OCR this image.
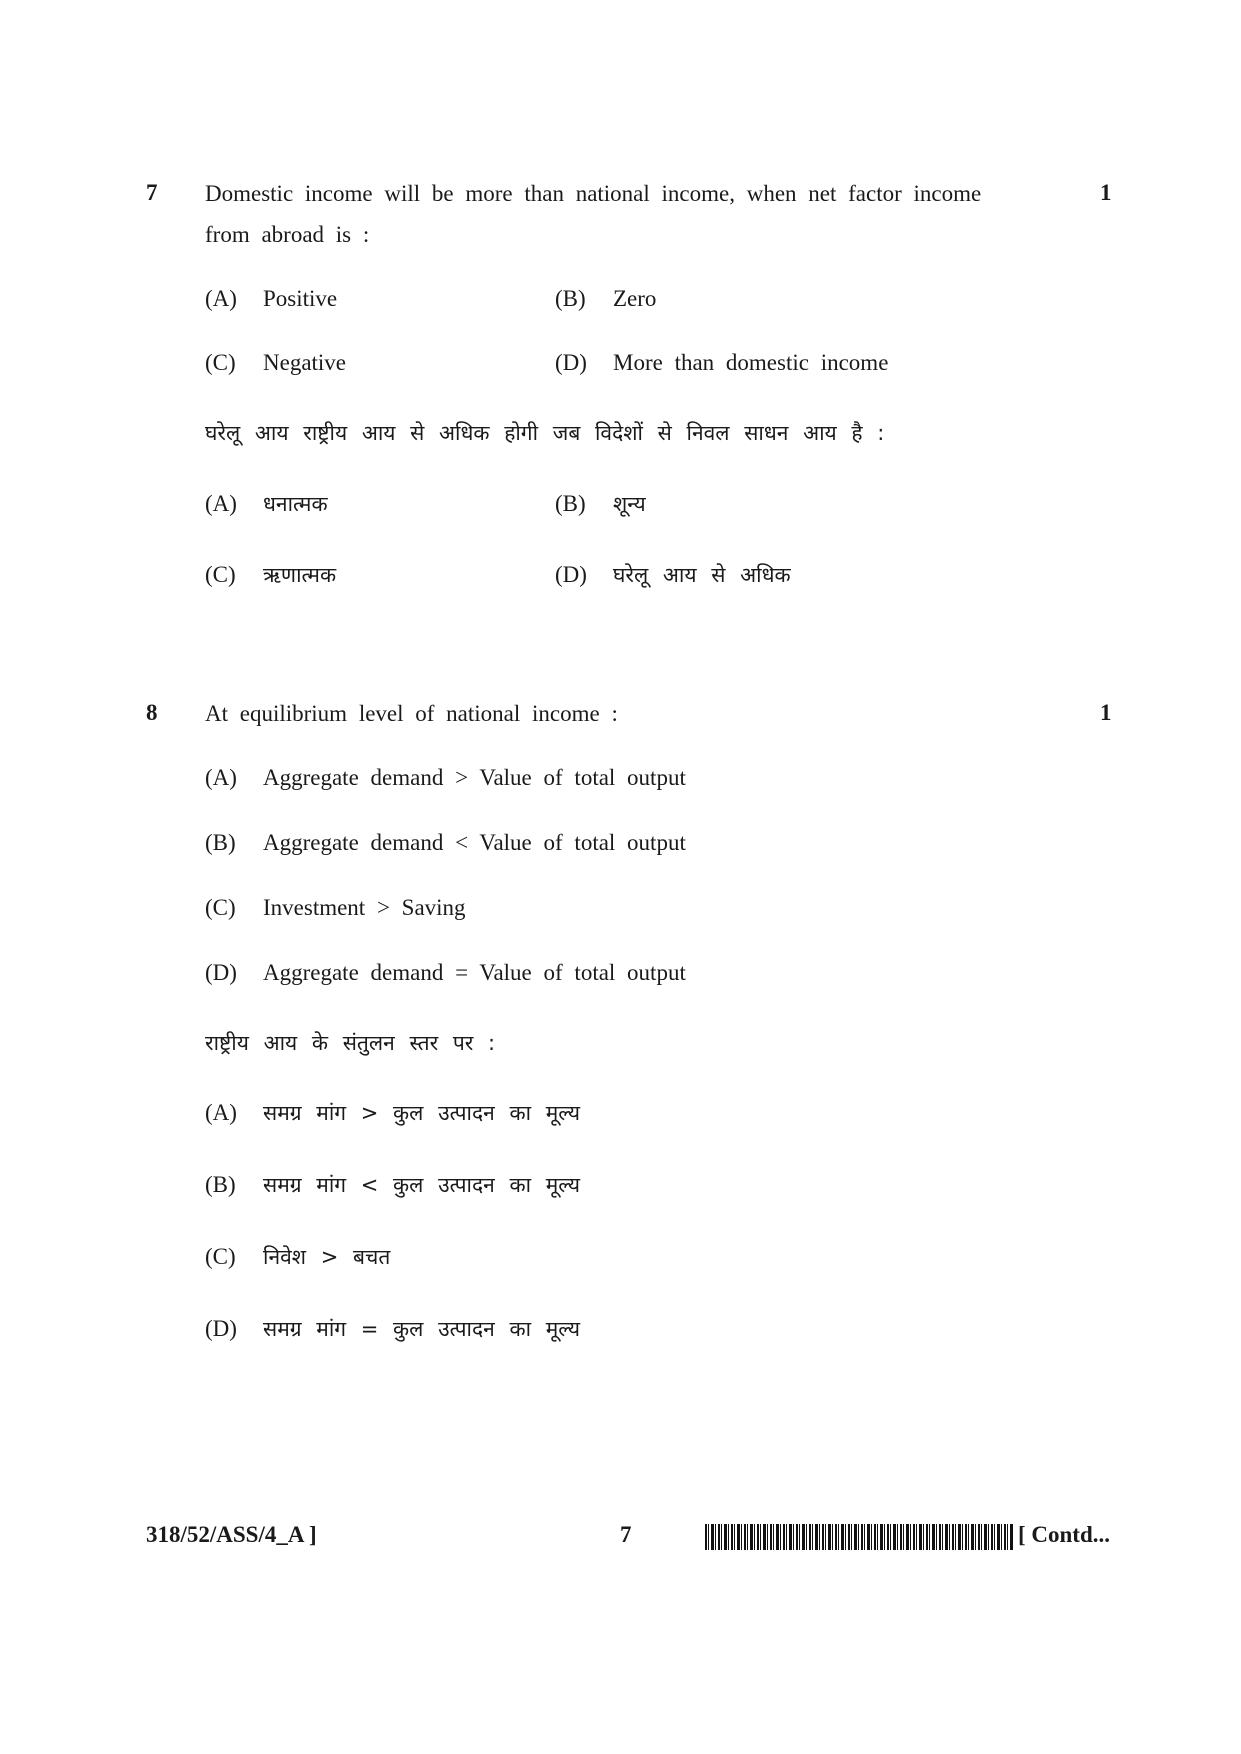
7	1
Domestic income will be more than national income, when net factor income
from abroad is :
(A) Positive	(B) Zero
(C) Negative	(D) More than domestic income
घरेलू आय राष्ट्रीय आय से अधिक होगी जब विदेशों से निवल साधन आय है :
(A) धनात्मक	(B) शून्य
(C) ऋणात्मक	(D) घरेलू आय से अधिक
8	1
At equilibrium level of national income :
(A) Aggregate demand > Value of total output
(B) Aggregate demand < Value of total output
(C) Investment > Saving
(D) Aggregate demand = Value of total output
राष्ट्रीय आय के संतुलन स्तर पर :
(A) समग्र मांग > कुल उत्पादन का मूल्य
(B) समग्र मांग < कुल उत्पादन का मूल्य
(C) निवेश > बचत
(D) समग्र मांग = कुल उत्पादन का मूल्य
318/52/ASS/4_A ]	7	[ Contd...
